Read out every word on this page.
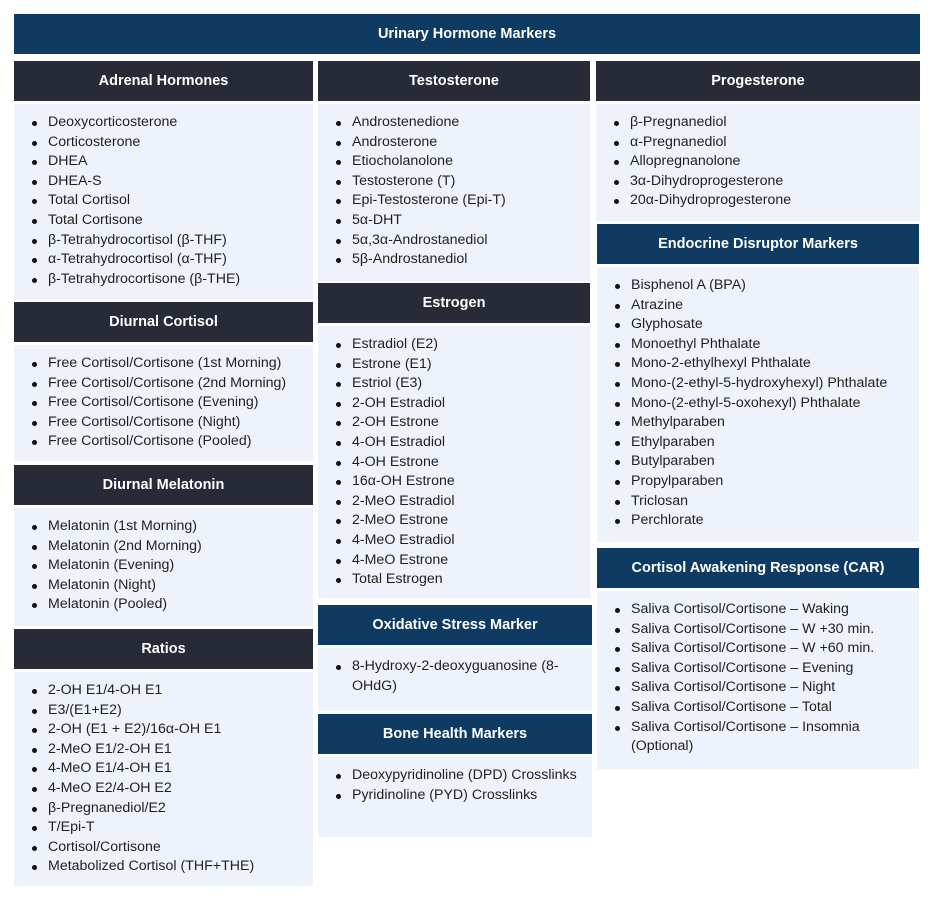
Urinary Hormone Markers
Adrenal Hormones
Deoxycorticosterone
Corticosterone
DHEA
DHEA-S
Total Cortisol
Total Cortisone
β-Tetrahydrocortisol (β-THF)
α-Tetrahydrocortisol (α-THF)
β-Tetrahydrocortisone (β-THE)
Diurnal Cortisol
Free Cortisol/Cortisone (1st Morning)
Free Cortisol/Cortisone (2nd Morning)
Free Cortisol/Cortisone (Evening)
Free Cortisol/Cortisone (Night)
Free Cortisol/Cortisone (Pooled)
Diurnal Melatonin
Melatonin (1st Morning)
Melatonin (2nd Morning)
Melatonin (Evening)
Melatonin (Night)
Melatonin (Pooled)
Ratios
2-OH E1/4-OH E1
E3/(E1+E2)
2-OH (E1 + E2)/16α-OH E1
2-MeO E1/2-OH E1
4-MeO E1/4-OH E1
4-MeO E2/4-OH E2
β-Pregnanediol/E2
T/Epi-T
Cortisol/Cortisone
Metabolized Cortisol (THF+THE)
Testosterone
Androstenedione
Androsterone
Etiocholanolone
Testosterone (T)
Epi-Testosterone (Epi-T)
5α-DHT
5α,3α-Androstanediol
5β-Androstanediol
Estrogen
Estradiol (E2)
Estrone (E1)
Estriol (E3)
2-OH Estradiol
2-OH Estrone
4-OH Estradiol
4-OH Estrone
16α-OH Estrone
2-MeO Estradiol
2-MeO Estrone
4-MeO Estradiol
4-MeO Estrone
Total Estrogen
Oxidative Stress Marker
8-Hydroxy-2-deoxyguanosine (8-OHdG)
Bone Health Markers
Deoxypyridinoline (DPD) Crosslinks
Pyridinoline (PYD) Crosslinks
Progesterone
β-Pregnanediol
α-Pregnanediol
Allopregnanolone
3α-Dihydroprogesterone
20α-Dihydroprogesterone
Endocrine Disruptor Markers
Bisphenol A (BPA)
Atrazine
Glyphosate
Monoethyl Phthalate
Mono-2-ethylhexyl Phthalate
Mono-(2-ethyl-5-hydroxyhexyl) Phthalate
Mono-(2-ethyl-5-oxohexyl) Phthalate
Methylparaben
Ethylparaben
Butylparaben
Propylparaben
Triclosan
Perchlorate
Cortisol Awakening Response (CAR)
Saliva Cortisol/Cortisone – Waking
Saliva Cortisol/Cortisone – W +30 min.
Saliva Cortisol/Cortisone – W +60 min.
Saliva Cortisol/Cortisone – Evening
Saliva Cortisol/Cortisone – Night
Saliva Cortisol/Cortisone – Total
Saliva Cortisol/Cortisone – Insomnia (Optional)
